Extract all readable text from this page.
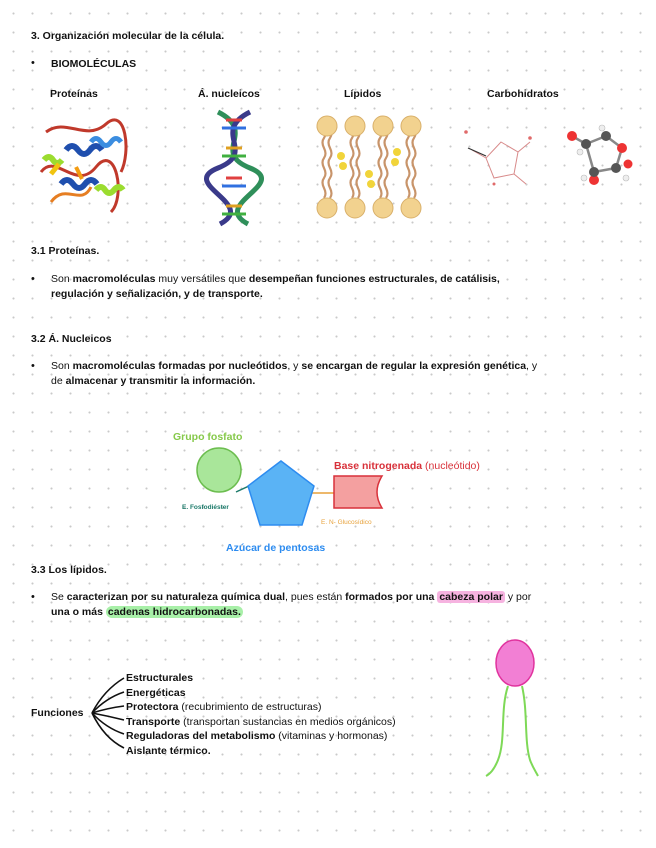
3. Organización molecular de la célula.
• BIOMOLÉCULAS
Proteínas	Á. nucleicos	Lípidos	Carbohidratos
3.1 Proteínas.
• Son macromoléculas muy versátiles que desempeñan funciones estructurales, de catálisis,
regulación y señalización, y de transporte.
3.2 Á. Nucleicos
• Son macromoléculas formadas por nucleótidos, y se encargan de regular la expresión genética, y
de almacenar y transmitir la información.
Grupo fosfato
Base nitrogenada (nucleótido)
E. Fosfodiéster
E. N- Glucosídico
Azúcar de pentosas
3.3 Los lípidos.
• Se caracterizan por su naturaleza química dual, pues están formados por una cabeza polar y por
una o más cadenas hidrocarbonadas.
Funciones
Estructurales
Energéticas
Protectora (recubrimiento de estructuras)
Transporte (transportan sustancias en medios orgánicos)
Reguladoras del metabolismo (vitaminas y hormonas)
Aislante térmico.
